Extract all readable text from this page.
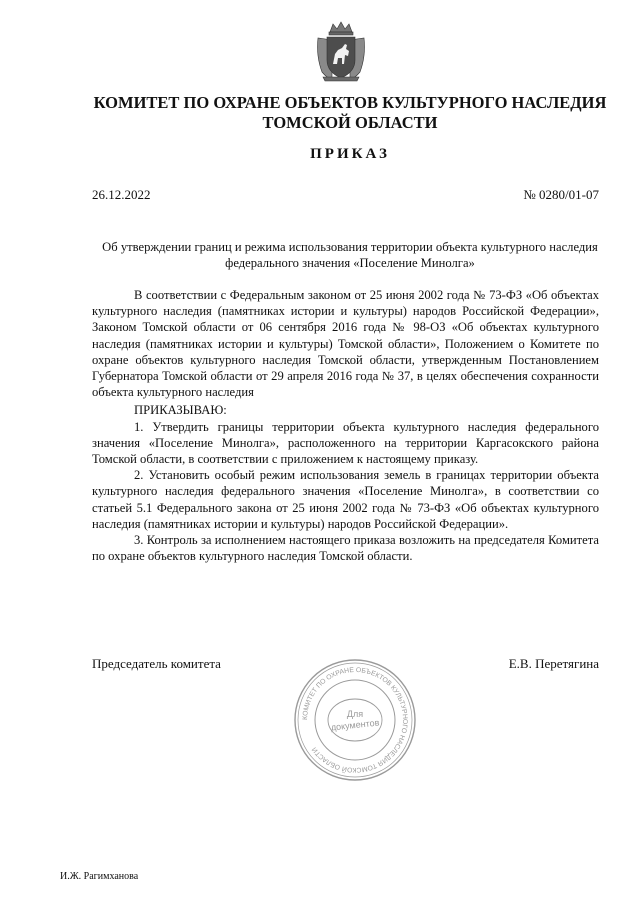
КОМИТЕТ ПО ОХРАНЕ ОБЪЕКТОВ КУЛЬТУРНОГО НАСЛЕДИЯ ТОМСКОЙ ОБЛАСТИ
ПРИКАЗ
26.12.2022	№ 0280/01-07

Об утверждении границ и режима использования территории объекта культурного наследия федерального значения «Поселение Минолга»

В соответствии с Федеральным законом от 25 июня 2002 года № 73-ФЗ «Об объектах культурного наследия (памятниках истории и культуры) народов Российской Федерации», Законом Томской области от 06 сентября 2016 года № 98-ОЗ «Об объектах культурного наследия (памятниках истории и культуры) Томской области», Положением о Комитете по охране объектов культурного наследия Томской области, утвержденным Постановлением Губернатора Томской области от 29 апреля 2016 года № 37, в целях обеспечения сохранности объекта культурного наследия

ПРИКАЗЫВАЮ:

1. Утвердить границы территории объекта культурного наследия федерального значения «Поселение Минолга», расположенного на территории Каргасокского района Томской области, в соответствии с приложением к настоящему приказу.

2. Установить особый режим использования земель в границах территории объекта культурного наследия федерального значения «Поселение Минолга», в соответствии со статьей 5.1 Федерального закона от 25 июня 2002 года № 73-ФЗ «Об объектах культурного наследия (памятниках истории и культуры) народов Российской Федерации».

3. Контроль за исполнением настоящего приказа возложить на председателя Комитета по охране объектов культурного наследия Томской области.

Председатель комитета	Е.В. Перетягина
КОМИТЕТ ПО ОХРАНЕ ОБЪЕКТОВ КУЛЬТУРНОГО НАСЛЕДИЯ ТОМСКОЙ ОБЛАСТИ
Для
документов
И.Ж. Рагимханова
